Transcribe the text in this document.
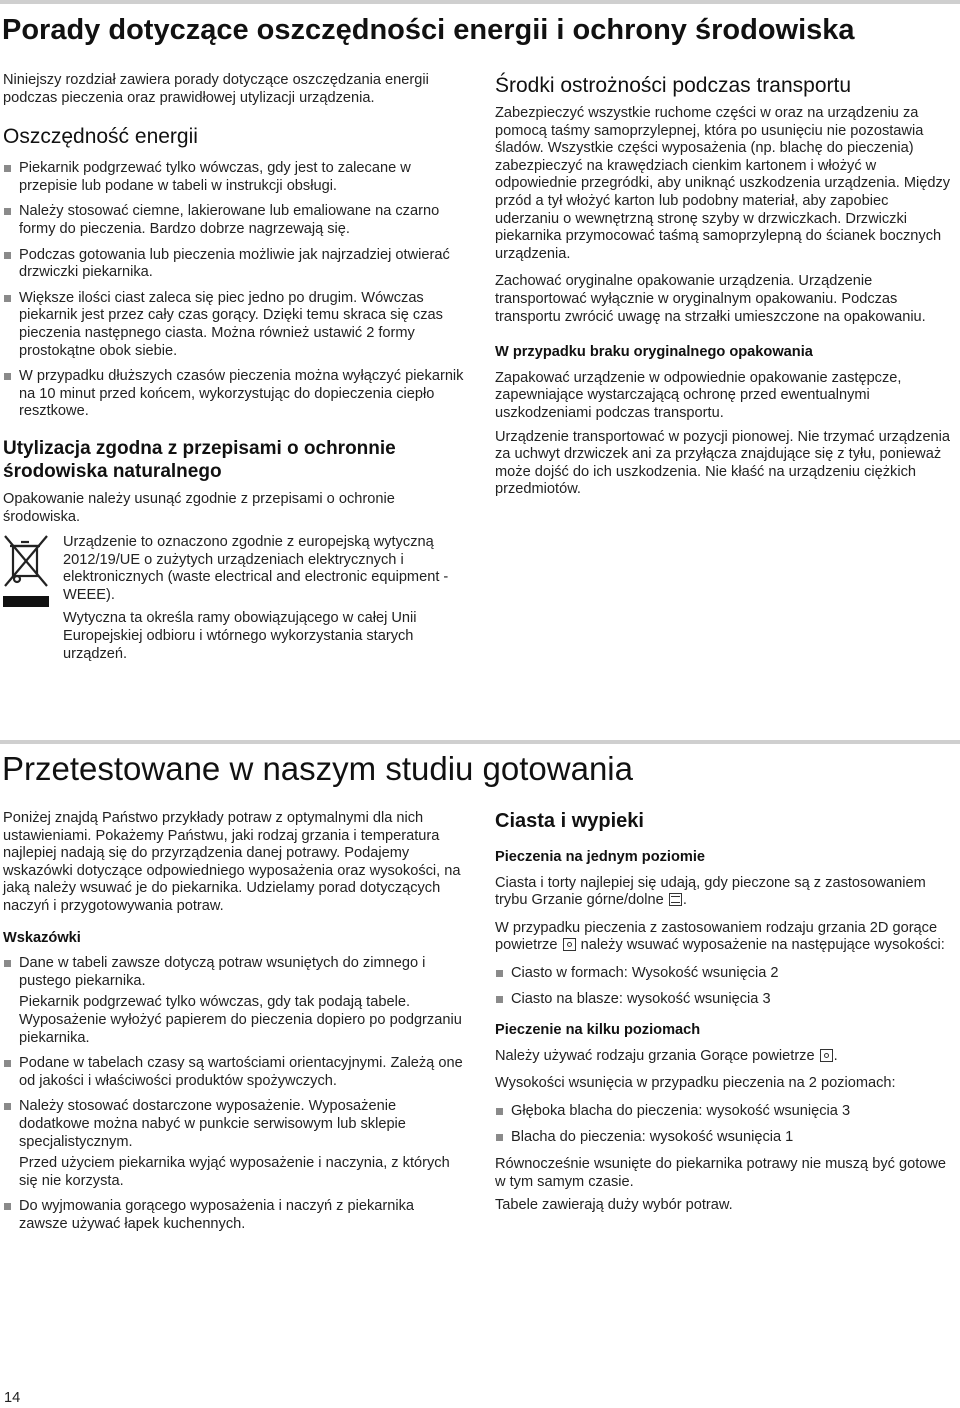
Porady dotyczące oszczędności energii i ochrony środowiska

Niniejszy rozdział zawiera porady dotyczące oszczędzania energii podczas pieczenia oraz prawidłowej utylizacji urządzenia.

Oszczędność energii
Piekarnik podgrzewać tylko wówczas, gdy jest to zalecane w przepisie lub podane w tabeli w instrukcji obsługi.
Należy stosować ciemne, lakierowane lub emaliowane na czarno formy do pieczenia. Bardzo dobrze nagrzewają się.
Podczas gotowania lub pieczenia możliwie jak najrzadziej otwierać drzwiczki piekarnika.
Większe ilości ciast zaleca się piec jedno po drugim. Wówczas piekarnik jest przez cały czas gorący. Dzięki temu skraca się czas pieczenia następnego ciasta. Można również ustawić 2 formy prostokątne obok siebie.
W przypadku dłuższych czasów pieczenia można wyłączyć piekarnik na 10 minut przed końcem, wykorzystując do dopieczenia ciepło resztkowe.
Utylizacja zgodna z przepisami o ochronnie środowiska naturalnego

Opakowanie należy usunąć zgodnie z przepisami o ochronie środowiska.

Urządzenie to oznaczono zgodnie z europejską wytyczną 2012/19/UE o zużytych urządzeniach elektrycznych i elektronicznych (waste electrical and electronic equipment - WEEE).

Wytyczna ta określa ramy obowiązującego w całej Unii Europejskiej odbioru i wtórnego wykorzystania starych urządzeń.

Środki ostrożności podczas transportu

Zabezpieczyć wszystkie ruchome części w oraz na urządzeniu za pomocą taśmy samoprzylepnej, która po usunięciu nie pozostawia śladów. Wszystkie części wyposażenia (np. blachę do pieczenia) zabezpieczyć na krawędziach cienkim kartonem i włożyć w odpowiednie przegródki, aby uniknąć uszkodzenia urządzenia. Między przód a tył włożyć karton lub podobny materiał, aby zapobiec uderzaniu o wewnętrzną stronę szyby w drzwiczkach. Drzwiczki piekarnika przymocować taśmą samoprzylepną do ścianek bocznych urządzenia.

Zachować oryginalne opakowanie urządzenia. Urządzenie transportować wyłącznie w oryginalnym opakowaniu. Podczas transportu zwrócić uwagę na strzałki umieszczone na opakowaniu.

W przypadku braku oryginalnego opakowania

Zapakować urządzenie w odpowiednie opakowanie zastępcze, zapewniające wystarczającą ochronę przed ewentualnymi uszkodzeniami podczas transportu.

Urządzenie transportować w pozycji pionowej. Nie trzymać urządzenia za uchwyt drzwiczek ani za przyłącza znajdujące się z tyłu, ponieważ może dojść do ich uszkodzenia. Nie kłaść na urządzeniu ciężkich przedmiotów.

Przetestowane w naszym studiu gotowania

Poniżej znajdą Państwo przykłady potraw z optymalnymi dla nich ustawieniami. Pokażemy Państwu, jaki rodzaj grzania i temperatura najlepiej nadają się do przyrządzenia danej potrawy. Podajemy wskazówki dotyczące odpowiedniego wyposażenia oraz wysokości, na jaką należy wsuwać je do piekarnika. Udzielamy porad dotyczących naczyń i przygotowywania potraw.

Wskazówki
Dane w tabeli zawsze dotyczą potraw wsuniętych do zimnego i pustego piekarnika.
Piekarnik podgrzewać tylko wówczas, gdy tak podają tabele. Wyposażenie wyłożyć papierem do pieczenia dopiero po podgrzaniu piekarnika.
Podane w tabelach czasy są wartościami orientacyjnymi. Zależą one od jakości i właściwości produktów spożywczych.
Należy stosować dostarczone wyposażenie. Wyposażenie dodatkowe można nabyć w punkcie serwisowym lub sklepie specjalistycznym.
Przed użyciem piekarnika wyjąć wyposażenie i naczynia, z których się nie korzysta.
Do wyjmowania gorącego wyposażenia i naczyń z piekarnika zawsze używać łapek kuchennych.
Ciasta i wypieki
Pieczenia na jednym poziomie

Ciasta i torty najlepiej się udają, gdy pieczone są z zastosowaniem trybu Grzanie górne/dolne .

W przypadku pieczenia z zastosowaniem rodzaju grzania 2D gorące powietrze należy wsuwać wyposażenie na następujące wysokości:

Ciasto w formach: Wysokość wsunięcia 2
Ciasto na blasze: wysokość wsunięcia 3
Pieczenie na kilku poziomach

Należy używać rodzaju grzania Gorące powietrze .

Wysokości wsunięcia w przypadku pieczenia na 2 poziomach:

Głęboka blacha do pieczenia: wysokość wsunięcia 3
Blacha do pieczenia: wysokość wsunięcia 1

Równocześnie wsunięte do piekarnika potrawy nie muszą być gotowe w tym samym czasie.

Tabele zawierają duży wybór potraw.

14
